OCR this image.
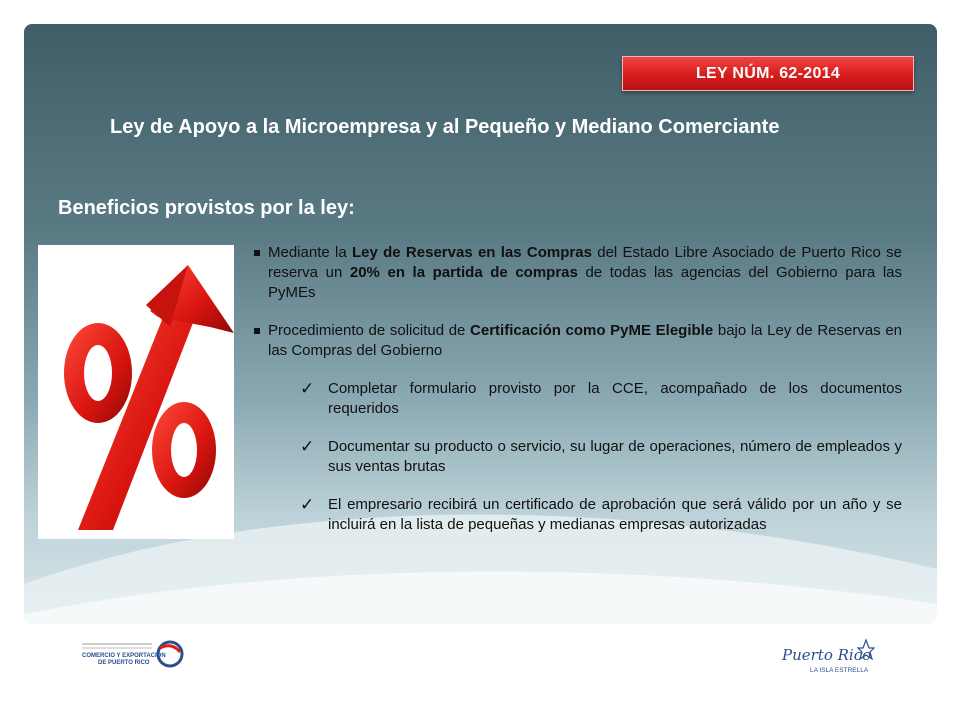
LEY NÚM. 62-2014
Ley de Apoyo a la Microempresa y al Pequeño y Mediano Comerciante
Beneficios provistos por la ley:
Mediante la Ley de Reservas en las Compras del Estado Libre Asociado de Puerto Rico se reserva un 20% en la partida de compras de todas las agencias del Gobierno para las PyMEs
Procedimiento de solicitud de Certificación como PyME Elegible bajo la Ley de Reservas en las Compras del Gobierno
✓ Completar formulario provisto por la CCE, acompañado de los documentos requeridos
✓ Documentar su producto o servicio, su lugar de operaciones, número de empleados y sus ventas brutas
✓ El empresario recibirá un certificado de aprobación que será válido por un año y se incluirá en la lista de pequeñas y medianas empresas autorizadas
COMERCIO Y EXPORTACIÓN
DE PUERTO RICO	Puerto Rico
LA ISLA ESTRELLA
